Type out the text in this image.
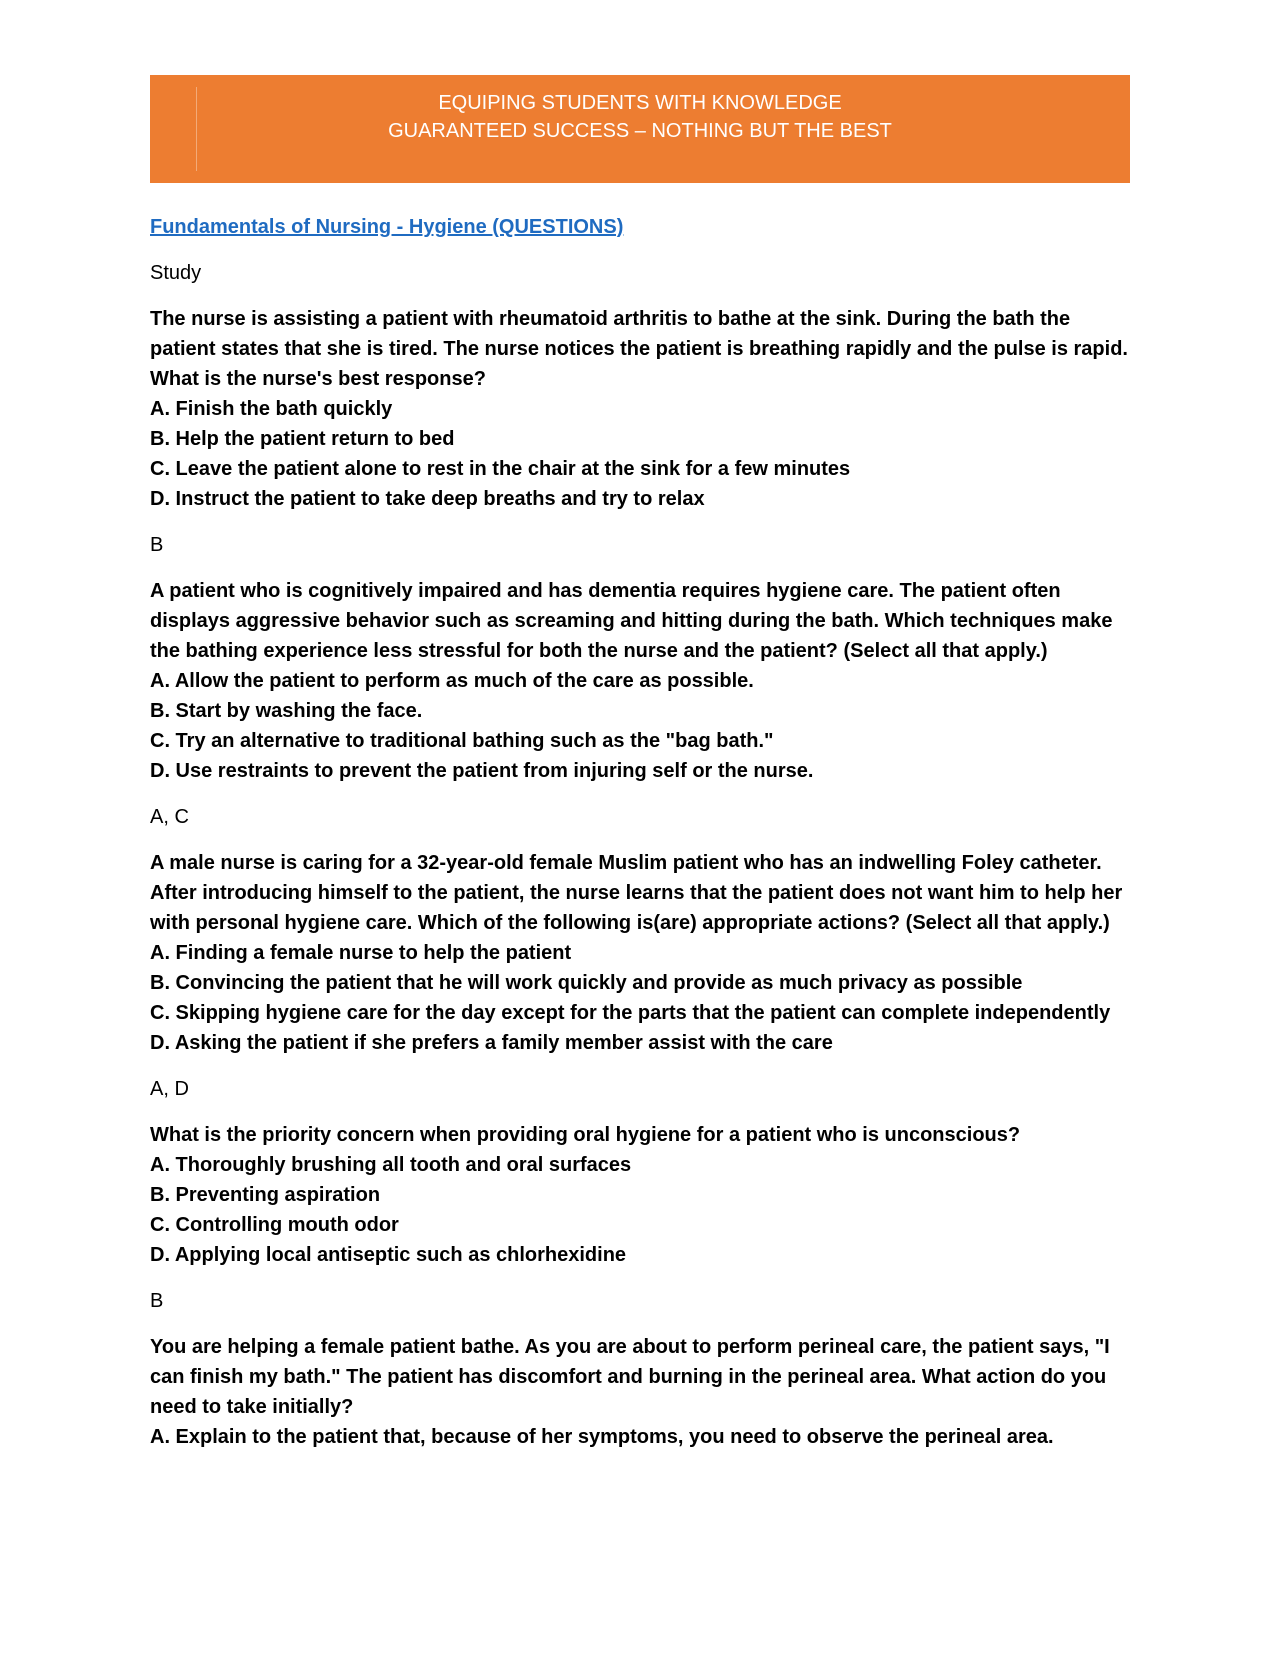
EQUIPING STUDENTS WITH KNOWLEDGE
GUARANTEED SUCCESS – NOTHING BUT THE BEST
Fundamentals of Nursing - Hygiene (QUESTIONS)
Study
The nurse is assisting a patient with rheumatoid arthritis to bathe at the sink. During the bath the patient states that she is tired. The nurse notices the patient is breathing rapidly and the pulse is rapid. What is the nurse's best response?
A. Finish the bath quickly
B. Help the patient return to bed
C. Leave the patient alone to rest in the chair at the sink for a few minutes
D. Instruct the patient to take deep breaths and try to relax
B
A patient who is cognitively impaired and has dementia requires hygiene care. The patient often displays aggressive behavior such as screaming and hitting during the bath. Which techniques make the bathing experience less stressful for both the nurse and the patient? (Select all that apply.)
A. Allow the patient to perform as much of the care as possible.
B. Start by washing the face.
C. Try an alternative to traditional bathing such as the "bag bath."
D. Use restraints to prevent the patient from injuring self or the nurse.
A, C
A male nurse is caring for a 32-year-old female Muslim patient who has an indwelling Foley catheter. After introducing himself to the patient, the nurse learns that the patient does not want him to help her with personal hygiene care. Which of the following is(are) appropriate actions? (Select all that apply.)
A. Finding a female nurse to help the patient
B. Convincing the patient that he will work quickly and provide as much privacy as possible
C. Skipping hygiene care for the day except for the parts that the patient can complete independently
D. Asking the patient if she prefers a family member assist with the care
A, D
What is the priority concern when providing oral hygiene for a patient who is unconscious?
A. Thoroughly brushing all tooth and oral surfaces
B. Preventing aspiration
C. Controlling mouth odor
D. Applying local antiseptic such as chlorhexidine
B
You are helping a female patient bathe. As you are about to perform perineal care, the patient says, "I can finish my bath." The patient has discomfort and burning in the perineal area. What action do you need to take initially?
A. Explain to the patient that, because of her symptoms, you need to observe the perineal area.
